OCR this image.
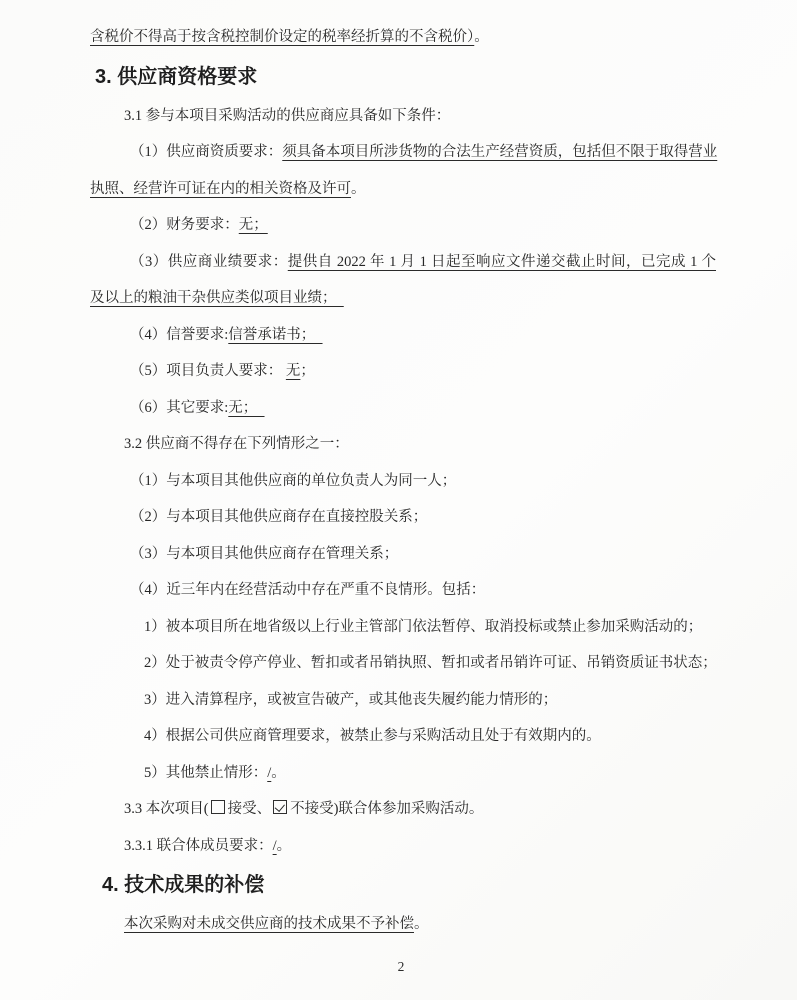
含税价不得高于按含税控制价设定的税率经折算的不含税价）。
3. 供应商资格要求
3.1 参与本项目采购活动的供应商应具备如下条件：
（1）供应商资质要求：须具备本项目所涉货物的合法生产经营资质，包括但不限于取得营业
执照、经营许可证在内的相关资格及许可。
（2）财务要求：无；
（3）供应商业绩要求：提供自 2022 年 1 月 1 日起至响应文件递交截止时间，已完成 1 个
及以上的粮油干杂供应类似项目业绩；　
（4）信誉要求:信誉承诺书；　
（5）项目负责人要求： 无；
（6）其它要求:无；　
3.2 供应商不得存在下列情形之一：
（1）与本项目其他供应商的单位负责人为同一人；
（2）与本项目其他供应商存在直接控股关系；
（3）与本项目其他供应商存在管理关系；
（4）近三年内在经营活动中存在严重不良情形。包括：
1）被本项目所在地省级以上行业主管部门依法暂停、取消投标或禁止参加采购活动的；
2）处于被责令停产停业、暂扣或者吊销执照、暂扣或者吊销许可证、吊销资质证书状态；
3）进入清算程序，或被宣告破产，或其他丧失履约能力情形的；
4）根据公司供应商管理要求，被禁止参与采购活动且处于有效期内的。
5）其他禁止情形：/。
3.3 本次项目( 接受、 不接受)联合体参加采购活动。
3.3.1 联合体成员要求：/。
4. 技术成果的补偿
本次采购对未成交供应商的技术成果不予补偿。
2
